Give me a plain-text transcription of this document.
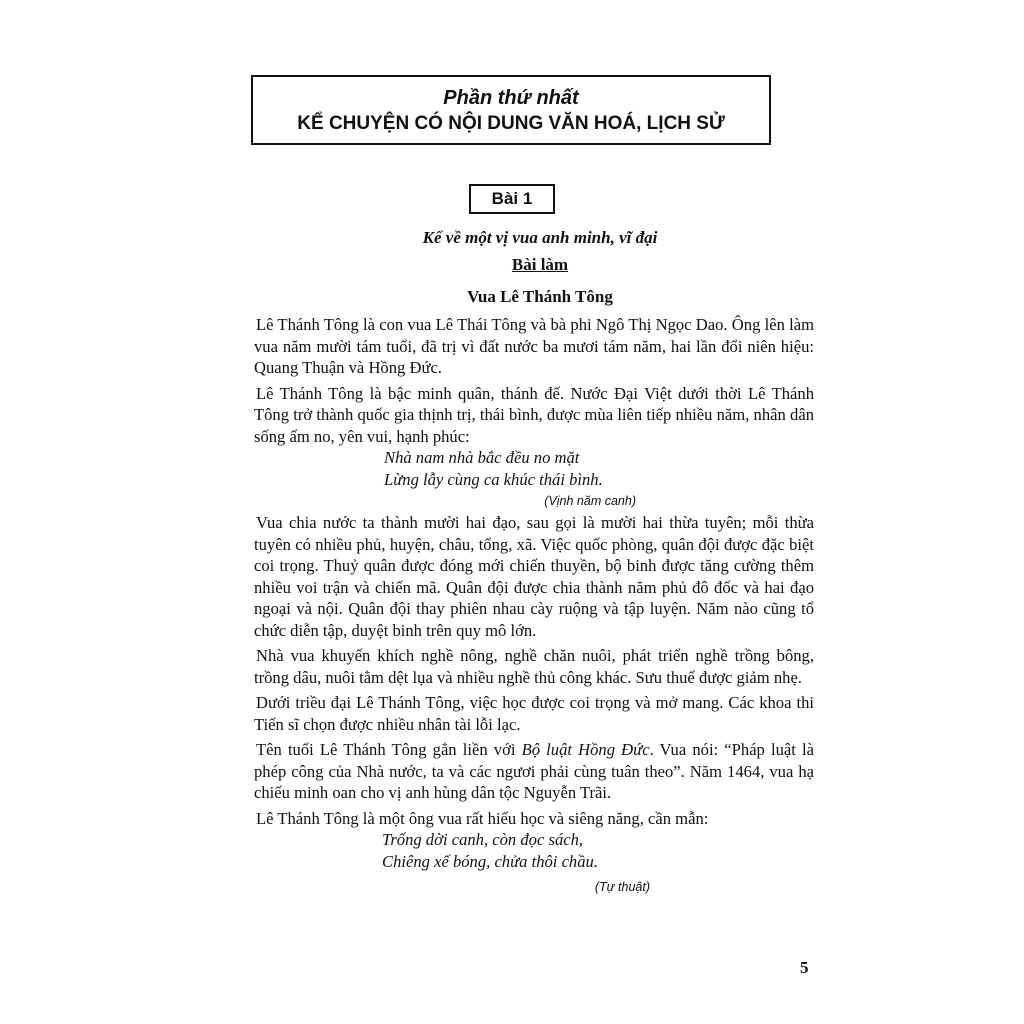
Phần thứ nhất
KỂ CHUYỆN CÓ NỘI DUNG VĂN HOÁ, LỊCH SỬ
Bài 1
Kể về một vị vua anh minh, vĩ đại
Bài làm
Vua Lê Thánh Tông

Lê Thánh Tông là con vua Lê Thái Tông và bà phi Ngô Thị Ngọc Dao. Ông lên làm vua năm mười tám tuổi, đã trị vì đất nước ba mươi tám năm, hai lần đổi niên hiệu: Quang Thuận và Hồng Đức.

Lê Thánh Tông là bậc minh quân, thánh đế. Nước Đại Việt dưới thời Lê Thánh Tông trở thành quốc gia thịnh trị, thái bình, được mùa liên tiếp nhiều năm, nhân dân sống ấm no, yên vui, hạnh phúc:

Nhà nam nhà bắc đều no mặt
Lừng lẫy cùng ca khúc thái bình.
(Vịnh năm canh)

Vua chia nước ta thành mười hai đạo, sau gọi là mười hai thừa tuyên; mỗi thừa tuyên có nhiều phủ, huyện, châu, tổng, xã. Việc quốc phòng, quân đội được đặc biệt coi trọng. Thuỷ quân được đóng mới chiến thuyền, bộ binh được tăng cường thêm nhiều voi trận và chiến mã. Quân đội được chia thành năm phủ đô đốc và hai đạo ngoại và nội. Quân đội thay phiên nhau cày ruộng và tập luyện. Năm nào cũng tổ chức diễn tập, duyệt binh trên quy mô lớn.

Nhà vua khuyến khích nghề nông, nghề chăn nuôi, phát triển nghề trồng bông, trồng dâu, nuôi tằm dệt lụa và nhiều nghề thủ công khác. Sưu thuế được giảm nhẹ.

Dưới triều đại Lê Thánh Tông, việc học được coi trọng và mở mang. Các khoa thi Tiến sĩ chọn được nhiều nhân tài lỗi lạc.

Tên tuổi Lê Thánh Tông gắn liền với Bộ luật Hồng Đức. Vua nói: “Pháp luật là phép công của Nhà nước, ta và các ngươi phải cùng tuân theo”. Năm 1464, vua hạ chiếu minh oan cho vị anh hùng dân tộc Nguyễn Trãi.

Lê Thánh Tông là một ông vua rất hiếu học và siêng năng, cần mẫn:

Trống dời canh, còn đọc sách,
Chiêng xế bóng, chửa thôi chầu.
(Tự thuật)
5
